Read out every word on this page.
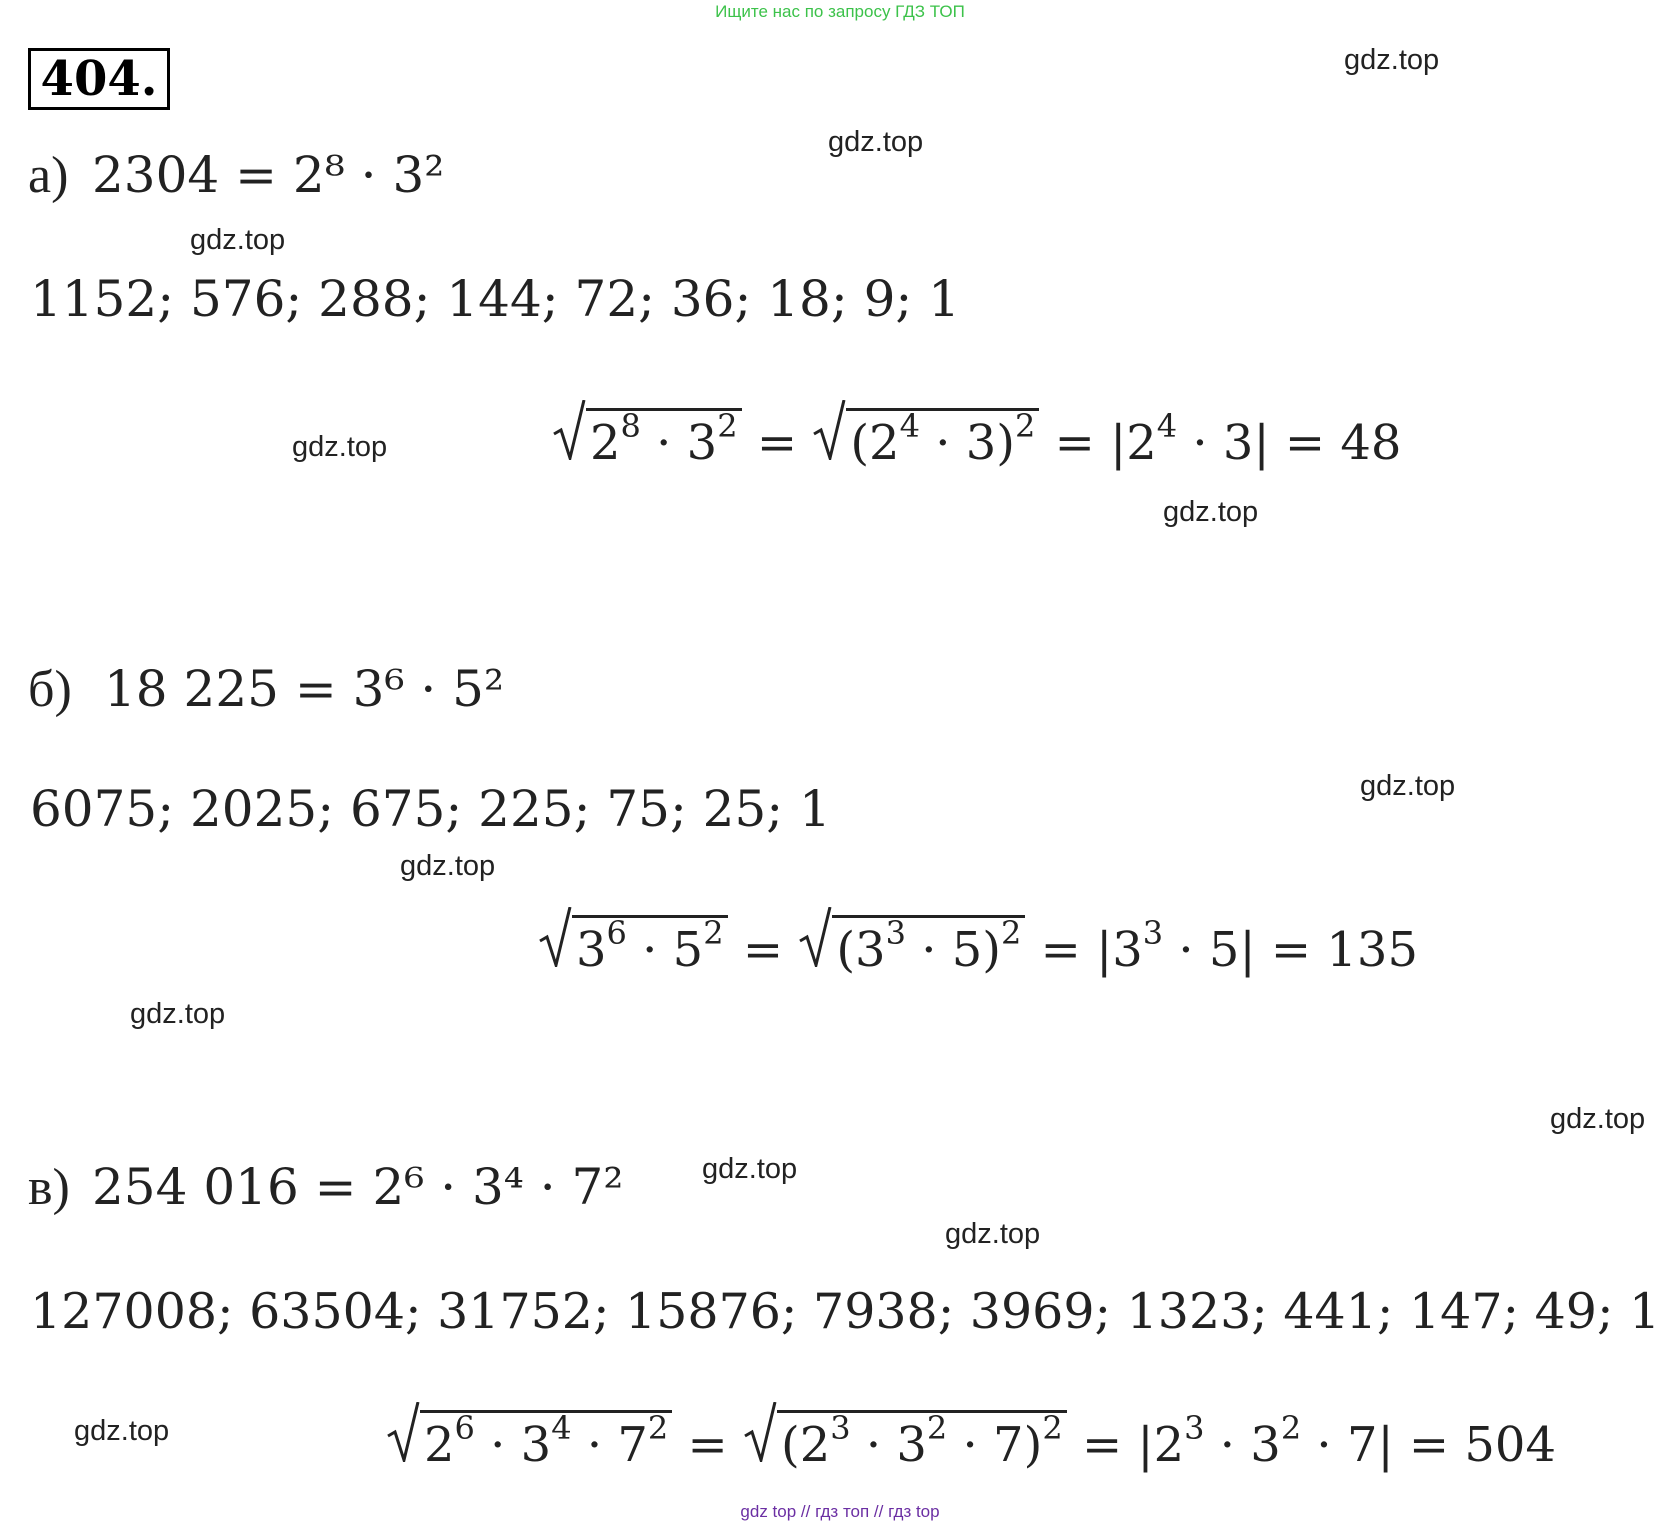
Ищите нас по запросу ГДЗ ТОП
404.	gdz.top
gdz.top
gdz.top
gdz.top
gdz.top
gdz.top
gdz.top
gdz.top
gdz.top
gdz.top
gdz.top
gdz.top
а) 2304 = 2⁸ · 3²
1152; 576; 288; 144; 72; 36; 18; 9; 1
$2^8 \cdot 3^2$ =
$(2^4 \cdot 3)^2 = |2^4 \cdot 3| = 48$
б) 18 225 = 3⁶ · 5²
6075; 2025; 675; 225; 75; 25; 1
$3^6 \cdot 5^2$ =
$(3^3 \cdot 5)^2 = |3^3 \cdot 5| = 135$
в) 254 016 = 2⁶ · 3⁴ · 7²
127008; 63504; 31752; 15876; 7938; 3969; 1323; 441; 147; 49; 1
$2^6 \cdot 3^4 \cdot 7^2$ =
$(2^3 \cdot 3^2 \cdot 7)^2 = |2^3 \cdot 3^2 \cdot 7| = 504$
gdz top // гдз топ // гдз top
